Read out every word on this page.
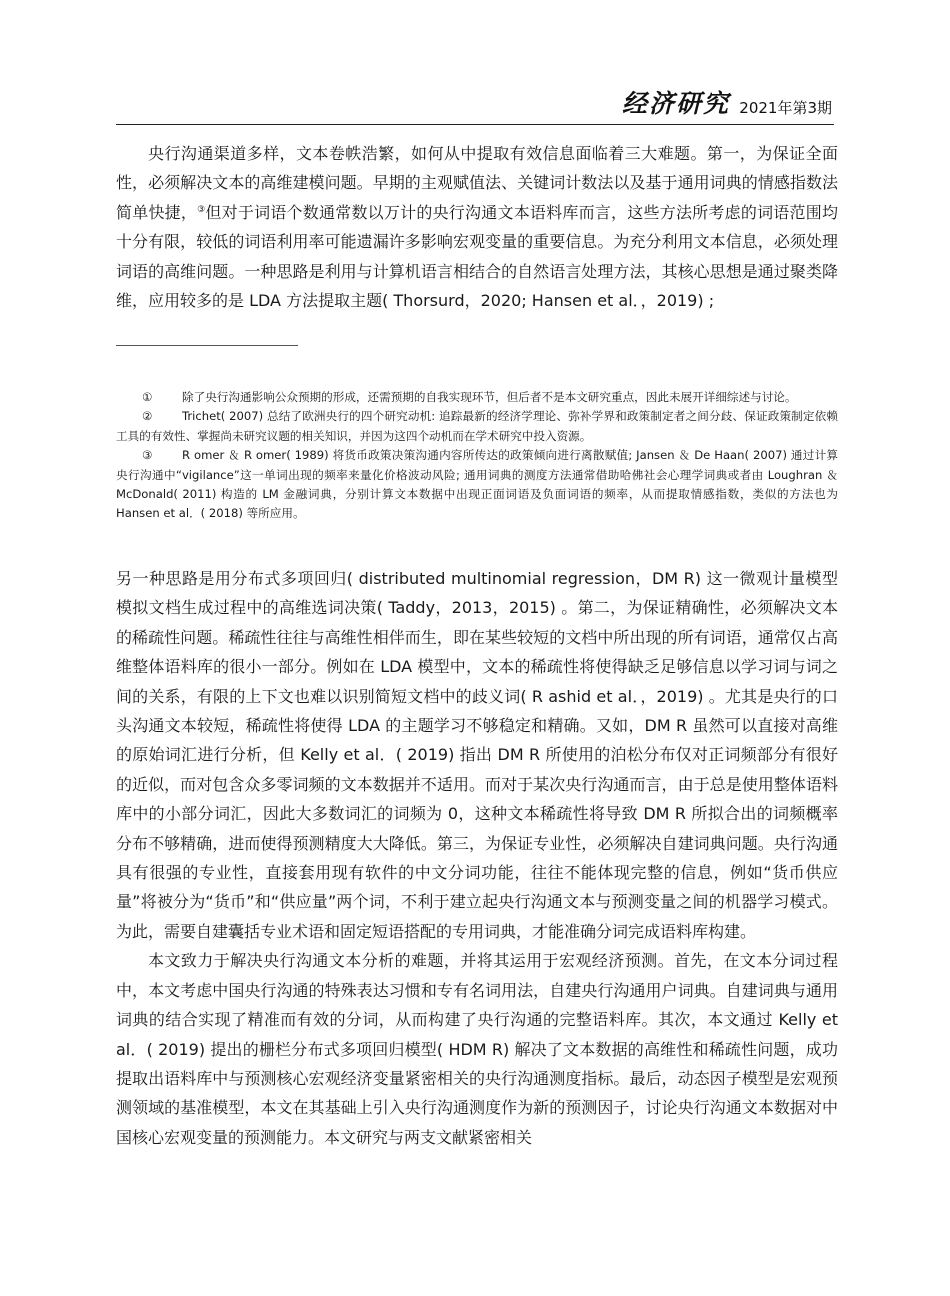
经济研究 2021年第3期

央行沟通渠道多样，文本卷帙浩繁，如何从中提取有效信息面临着三大难题。第一，为保证全面性，必须解决文本的高维建模问题。早期的主观赋值法、关键词计数法以及基于通用词典的情感指数法简单快捷，③但对于词语个数通常数以万计的央行沟通文本语料库而言，这些方法所考虑的词语范围均十分有限，较低的词语利用率可能遗漏许多影响宏观变量的重要信息。为充分利用文本信息，必须处理词语的高维问题。一种思路是利用与计算机语言相结合的自然语言处理方法，其核心思想是通过聚类降维，应用较多的是 LDA 方法提取主题( Thorsurd，2020; Hansen et al．，2019) ;

①	除了央行沟通影响公众预期的形成，还需预期的自我实现环节，但后者不是本文研究重点，因此未展开详细综述与讨论。

②	Trichet( 2007) 总结了欧洲央行的四个研究动机: 追踪最新的经济学理论、弥补学界和政策制定者之间分歧、保证政策制定依赖工具的有效性、掌握尚未研究议题的相关知识，并因为这四个动机而在学术研究中投入资源。

③	R omer ＆ R omer( 1989) 将货币政策决策沟通内容所传达的政策倾向进行离散赋值; Jansen ＆ De Haan( 2007) 通过计算央行沟通中“vigilance”这一单词出现的频率来量化价格波动风险; 通用词典的测度方法通常借助哈佛社会心理学词典或者由 Loughran ＆ McDonald( 2011) 构造的 LM 金融词典，分别计算文本数据中出现正面词语及负面词语的频率，从而提取情感指数，类似的方法也为 Hansen et al．( 2018) 等所应用。

另一种思路是用分布式多项回归( distributed multinomial regression，DM R) 这一微观计量模型模拟文档生成过程中的高维选词决策( Taddy，2013，2015) 。第二，为保证精确性，必须解决文本的稀疏性问题。稀疏性往往与高维性相伴而生，即在某些较短的文档中所出现的所有词语，通常仅占高维整体语料库的很小一部分。例如在 LDA 模型中，文本的稀疏性将使得缺乏足够信息以学习词与词之间的关系，有限的上下文也难以识别简短文档中的歧义词( R ashid et al．，2019) 。尤其是央行的口头沟通文本较短，稀疏性将使得 LDA 的主题学习不够稳定和精确。又如，DM R 虽然可以直接对高维的原始词汇进行分析，但 Kelly et al．( 2019) 指出 DM R 所使用的泊松分布仅对正词频部分有很好的近似，而对包含众多零词频的文本数据并不适用。而对于某次央行沟通而言，由于总是使用整体语料库中的小部分词汇，因此大多数词汇的词频为 0，这种文本稀疏性将导致 DM R 所拟合出的词频概率分布不够精确，进而使得预测精度大大降低。第三，为保证专业性，必须解决自建词典问题。央行沟通具有很强的专业性，直接套用现有软件的中文分词功能，往往不能体现完整的信息，例如“货币供应量”将被分为“货币”和“供应量”两个词，不利于建立起央行沟通文本与预测变量之间的机器学习模式。为此，需要自建囊括专业术语和固定短语搭配的专用词典，才能准确分词完成语料库构建。

本文致力于解决央行沟通文本分析的难题，并将其运用于宏观经济预测。首先，在文本分词过程中，本文考虑中国央行沟通的特殊表达习惯和专有名词用法，自建央行沟通用户词典。自建词典与通用词典的结合实现了精准而有效的分词，从而构建了央行沟通的完整语料库。其次，本文通过 Kelly et al．( 2019) 提出的栅栏分布式多项回归模型( HDM R) 解决了文本数据的高维性和稀疏性问题，成功提取出语料库中与预测核心宏观经济变量紧密相关的央行沟通测度指标。最后，动态因子模型是宏观预测领域的基准模型，本文在其基础上引入央行沟通测度作为新的预测因子，讨论央行沟通文本数据对中国核心宏观变量的预测能力。本文研究与两支文献紧密相关
